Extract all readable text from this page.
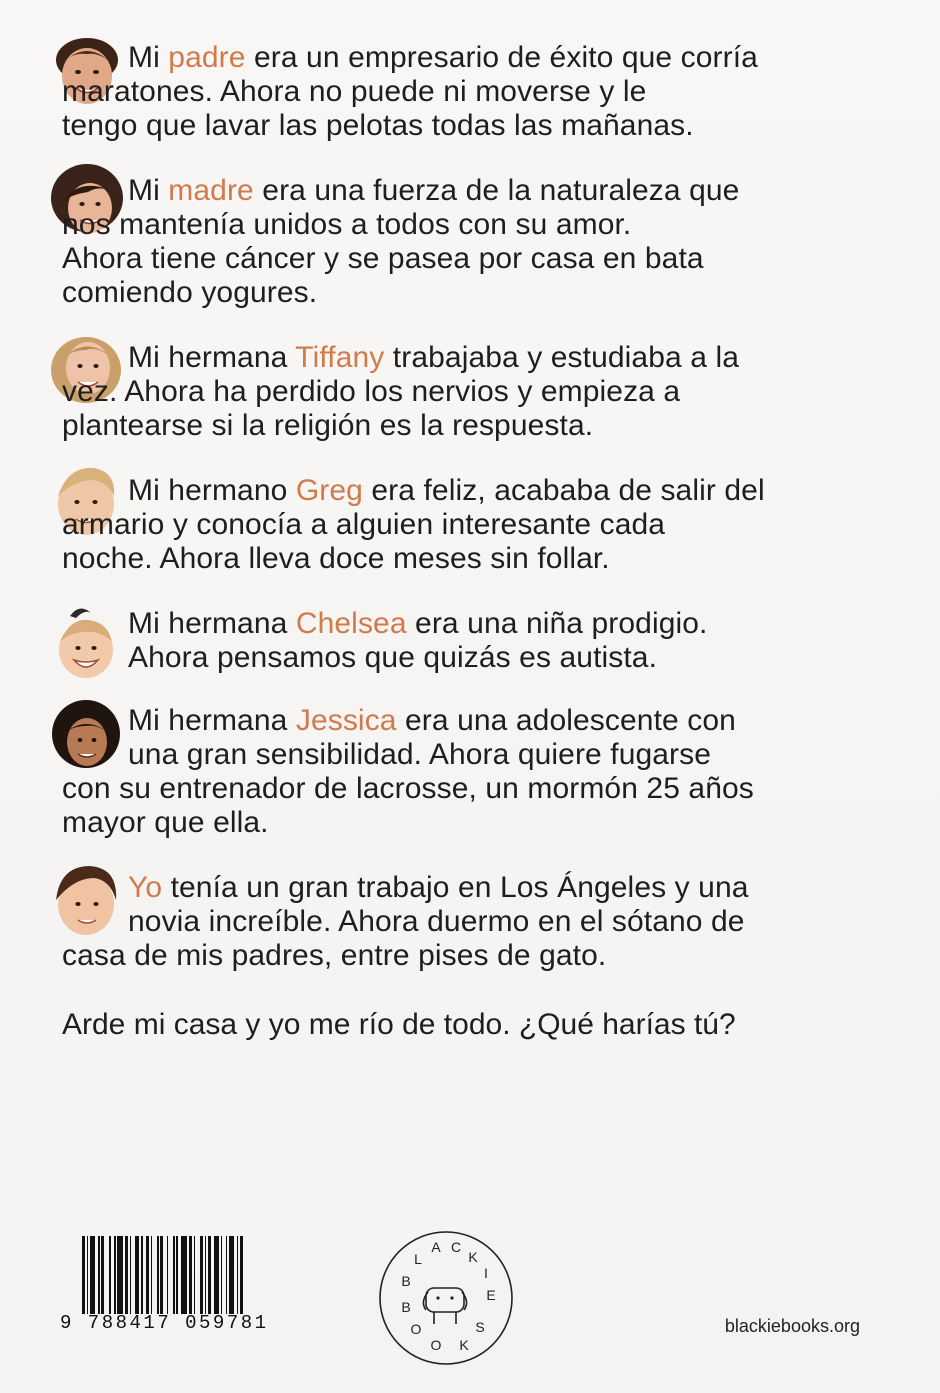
Mi padre era un empresario de éxito que corría
maratones. Ahora no puede ni moverse y le
tengo que lavar las pelotas todas las mañanas.
Mi madre era una fuerza de la naturaleza que
nos mantenía unidos a todos con su amor.
Ahora tiene cáncer y se pasea por casa en bata
comiendo yogures.
Mi hermana Tiffany trabajaba y estudiaba a la
vez. Ahora ha perdido los nervios y empieza a
plantearse si la religión es la respuesta.
Mi hermano Greg era feliz, acababa de salir del
armario y conocía a alguien interesante cada
noche. Ahora lleva doce meses sin follar.
Mi hermana Chelsea era una niña prodigio.
Ahora pensamos que quizás es autista.
Mi hermana Jessica era una adolescente con
una gran sensibilidad. Ahora quiere fugarse
con su entrenador de lacrosse, un mormón 25 años
mayor que ella.
Yo tenía un gran trabajo en Los Ángeles y una
novia increíble. Ahora duermo en el sótano de
casa de mis padres, entre pises de gato.
Arde mi casa y yo me río de todo. ¿Qué harías tú?
9 788417 059781
B
L
A C
K
I
E
B
O
O K
S	blackiebooks.org
